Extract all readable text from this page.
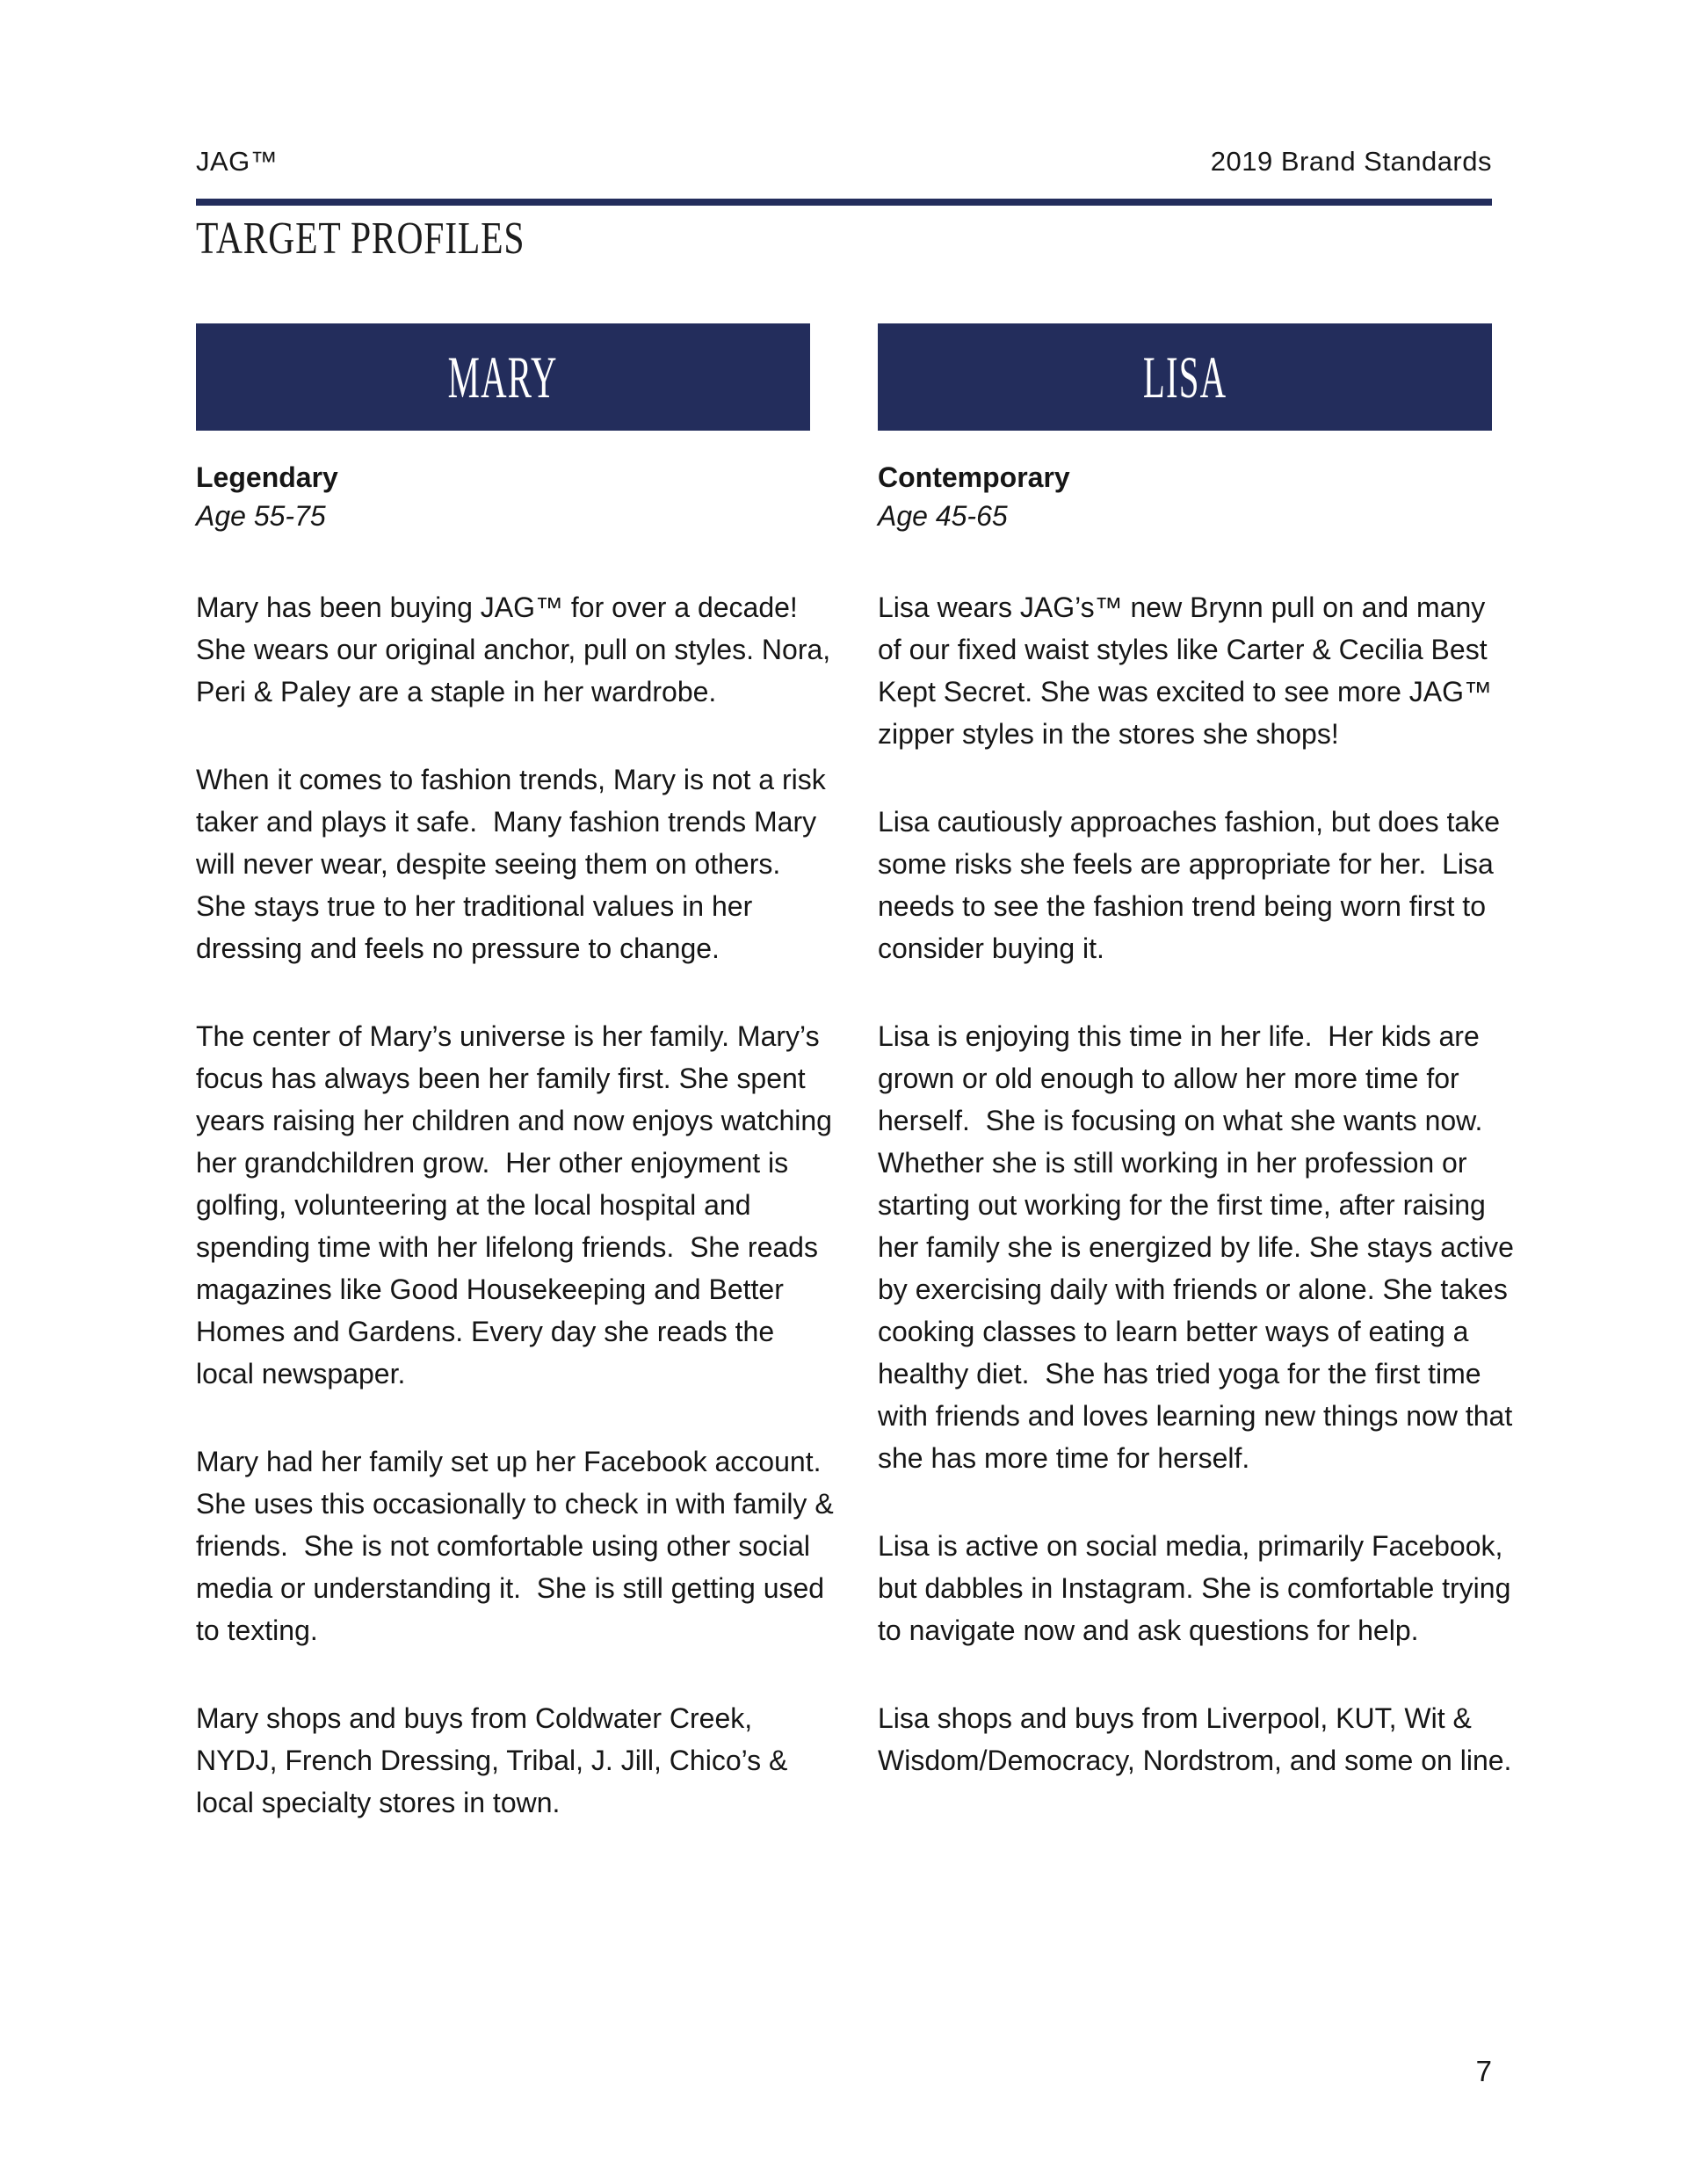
JAG™	2019 Brand Standards
TARGET PROFILES
MARY
Legendary
Age 55-75

Mary has been buying JAG™ for over a decade! She wears our original anchor, pull on styles. Nora, Peri & Paley are a staple in her wardrobe.

When it comes to fashion trends, Mary is not a risk taker and plays it safe.  Many fashion trends Mary will never wear, despite seeing them on others. She stays true to her traditional values in her dressing and feels no pressure to change.

The center of Mary’s universe is her family. Mary’s focus has always been her family first. She spent years raising her children and now enjoys watching her grandchildren grow.  Her other enjoyment is golfing, volunteering at the local hospital and spending time with her lifelong friends.  She reads magazines like Good Housekeeping and Better Homes and Gardens. Every day she reads the local newspaper.

Mary had her family set up her Facebook account. She uses this occasionally to check in with family & friends.  She is not comfortable using other social media or understanding it.  She is still getting used to texting.

Mary shops and buys from Coldwater Creek, NYDJ, French Dressing, Tribal, J. Jill, Chico’s & local specialty stores in town.

LISA
Contemporary
Age 45-65

Lisa wears JAG’s™ new Brynn pull on and many of our fixed waist styles like Carter & Cecilia Best Kept Secret. She was excited to see more JAG™ zipper styles in the stores she shops!

Lisa cautiously approaches fashion, but does take some risks she feels are appropriate for her.  Lisa needs to see the fashion trend being worn first to consider buying it.

Lisa is enjoying this time in her life.  Her kids are grown or old enough to allow her more time for herself.  She is focusing on what she wants now. Whether she is still working in her profession or starting out working for the first time, after raising her family she is energized by life. She stays active by exercising daily with friends or alone. She takes cooking classes to learn better ways of eating a healthy diet.  She has tried yoga for the first time with friends and loves learning new things now that she has more time for herself.

Lisa is active on social media, primarily Facebook, but dabbles in Instagram. She is comfortable trying to navigate now and ask questions for help.

Lisa shops and buys from Liverpool, KUT, Wit & Wisdom/Democracy, Nordstrom, and some on line.

7
